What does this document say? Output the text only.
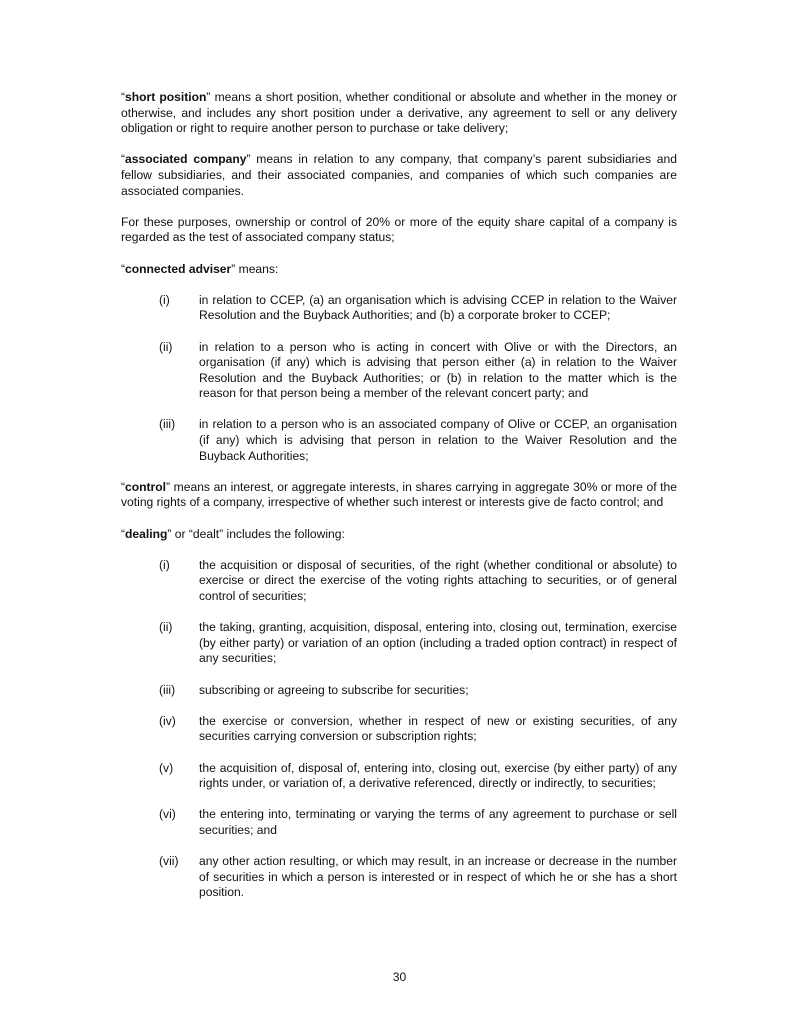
“short position” means a short position, whether conditional or absolute and whether in the money or otherwise, and includes any short position under a derivative, any agreement to sell or any delivery obligation or right to require another person to purchase or take delivery;

“associated company” means in relation to any company, that company’s parent subsidiaries and fellow subsidiaries, and their associated companies, and companies of which such companies are associated companies.

For these purposes, ownership or control of 20% or more of the equity share capital of a company is regarded as the test of associated company status;

“connected adviser” means:

(i) in relation to CCEP, (a) an organisation which is advising CCEP in relation to the Waiver Resolution and the Buyback Authorities; and (b) a corporate broker to CCEP;
(ii) in relation to a person who is acting in concert with Olive or with the Directors, an organisation (if any) which is advising that person either (a) in relation to the Waiver Resolution and the Buyback Authorities; or (b) in relation to the matter which is the reason for that person being a member of the relevant concert party; and
(iii) in relation to a person who is an associated company of Olive or CCEP, an organisation (if any) which is advising that person in relation to the Waiver Resolution and the Buyback Authorities;

“control” means an interest, or aggregate interests, in shares carrying in aggregate 30% or more of the voting rights of a company, irrespective of whether such interest or interests give de facto control; and

“dealing” or “dealt” includes the following:

(i) the acquisition or disposal of securities, of the right (whether conditional or absolute) to exercise or direct the exercise of the voting rights attaching to securities, or of general control of securities;
(ii) the taking, granting, acquisition, disposal, entering into, closing out, termination, exercise (by either party) or variation of an option (including a traded option contract) in respect of any securities;
(iii) subscribing or agreeing to subscribe for securities;
(iv) the exercise or conversion, whether in respect of new or existing securities, of any securities carrying conversion or subscription rights;
(v) the acquisition of, disposal of, entering into, closing out, exercise (by either party) of any rights under, or variation of, a derivative referenced, directly or indirectly, to securities;
(vi) the entering into, terminating or varying the terms of any agreement to purchase or sell securities; and
(vii) any other action resulting, or which may result, in an increase or decrease in the number of securities in which a person is interested or in respect of which he or she has a short position.
30
